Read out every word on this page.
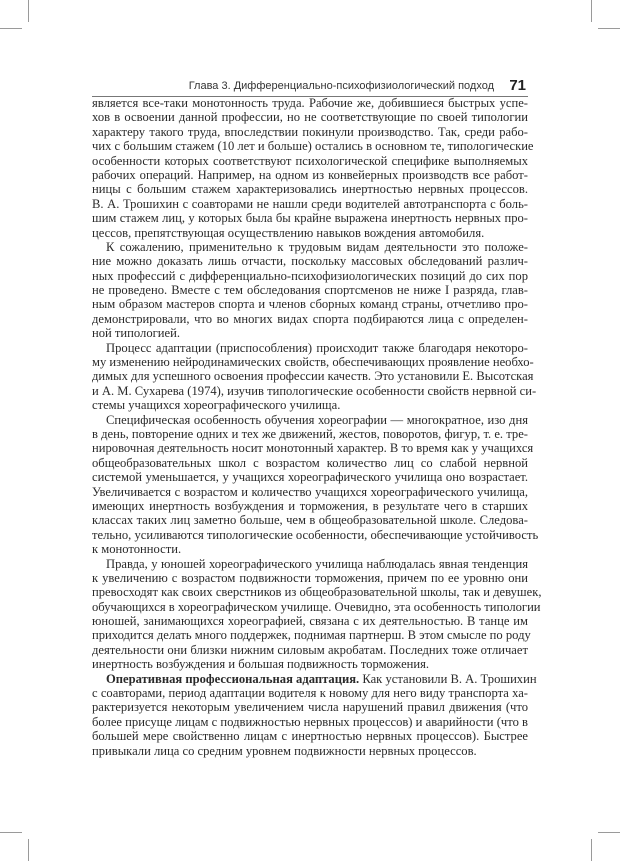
Глава 3. Дифференциально-психофизиологический подход 71
является все-таки монотонность труда. Рабочие же, добившиеся быстрых успе-
хов в освоении данной профессии, но не соответствующие по своей типологии
характеру такого труда, впоследствии покинули производство. Так, среди рабо-
чих с большим стажем (10 лет и больше) остались в основном те, типологические
особенности которых соответствуют психологической специфике выполняемых
рабочих операций. Например, на одном из конвейерных производств все работ-
ницы с большим стажем характеризовались инертностью нервных процессов.
В. А. Трошихин с соавторами не нашли среди водителей автотранспорта с боль-
шим стажем лиц, у которых была бы крайне выражена инертность нервных про-
цессов, препятствующая осуществлению навыков вождения автомобиля.
К сожалению, применительно к трудовым видам деятельности это положе-
ние можно доказать лишь отчасти, поскольку массовых обследований различ-
ных профессий с дифференциально-психофизиологических позиций до сих пор
не проведено. Вместе с тем обследования спортсменов не ниже I разряда, глав-
ным образом мастеров спорта и членов сборных команд страны, отчетливо про-
демонстрировали, что во многих видах спорта подбираются лица с определен-
ной типологией.
Процесс адаптации (приспособления) происходит также благодаря некоторо-
му изменению нейродинамических свойств, обеспечивающих проявление необхо-
димых для успешного освоения профессии качеств. Это установили Е. Высотская
и А. М. Сухарева (1974), изучив типологические особенности свойств нервной си-
стемы учащихся хореографического училища.
Специфическая особенность обучения хореографии — многократное, изо дня
в день, повторение одних и тех же движений, жестов, поворотов, фигур, т. е. тре-
нировочная деятельность носит монотонный характер. В то время как у учащихся
общеобразовательных школ с возрастом количество лиц со слабой нервной
системой уменьшается, у учащихся хореографического училища оно возрастает.
Увеличивается с возрастом и количество учащихся хореографического училища,
имеющих инертность возбуждения и торможения, в результате чего в старших
классах таких лиц заметно больше, чем в общеобразовательной школе. Следова-
тельно, усиливаются типологические особенности, обеспечивающие устойчивость
к монотонности.
Правда, у юношей хореографического училища наблюдалась явная тенденция
к увеличению с возрастом подвижности торможения, причем по ее уровню они
превосходят как своих сверстников из общеобразовательной школы, так и девушек,
обучающихся в хореографическом училище. Очевидно, эта особенность типологии
юношей, занимающихся хореографией, связана с их деятельностью. В танце им
приходится делать много поддержек, поднимая партнерш. В этом смысле по роду
деятельности они близки нижним силовым акробатам. Последних тоже отличает
инертность возбуждения и большая подвижность торможения.
Оперативная профессиональная адаптация. Как установили В. А. Трошихин
с соавторами, период адаптации водителя к новому для него виду транспорта ха-
рактеризуется некоторым увеличением числа нарушений правил движения (что
более присуще лицам с подвижностью нервных процессов) и аварийности (что в
большей мере свойственно лицам с инертностью нервных процессов). Быстрее
привыкали лица со средним уровнем подвижности нервных процессов.
